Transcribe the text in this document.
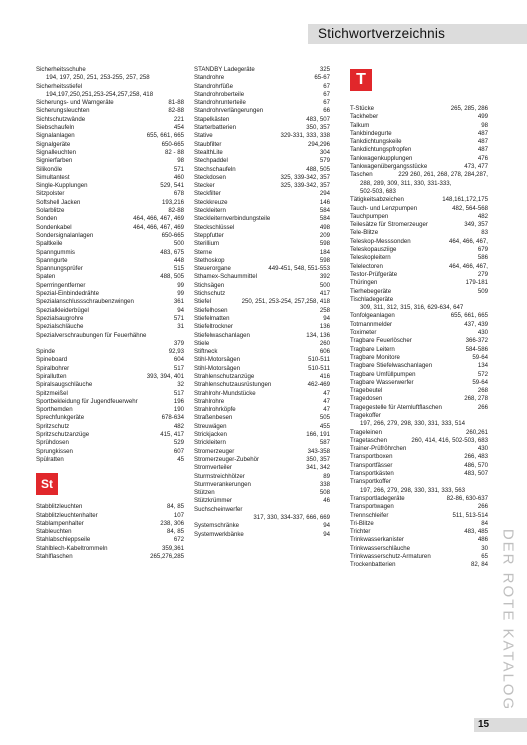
Stichwortverzeichnis
Sicherheitsschuhe
194, 197, 250, 251, 253-255, 257, 258
Sicherheitsstiefel
194,197,250,251,253-254,257,258, 418
Sicherungs- und Warngeräte	81-88
Sicherungsleuchten	82-88
Sichtschutzwände	221
Siebschaufeln	454
Signalanlagen	655, 661, 665
Signalgeräte	650-665
Signalleuchten	82 - 88
Signierfarben	98
Silikonöle	571
Simultantest	460
Single-Kupplungen	529, 541
Sitzpolster	678
Softshell Jacken	193,216
Solarblitze	82-88
Sonden	464, 466, 467, 469
Sondenkabel	464, 466, 467, 469
Sondersignalanlagen	650-665
Spaltkeile	500
Spanngummis	483, 675
Spanngurte	448
Spannungsprüfer	515
Spaten	488, 505
Sperrringentferner	99
Spezial-Einbindedrähte	99
Spezialanschlussschraubenzwingen	361
Spezialkleiderbügel	94
Spezialsaugrohre	571
Spezialschläuche	31
Spezialverschraubungen für Feuerhähne
379
Spinde	92,93
Spineboard	604
Spiralbohrer	517
Spirallutten	393, 394, 401
Spiralsaugschläuche	32
Spitzmeißel	517
Sportbekleidung für Jugendfeuerwehr	196
Sporthemden	190
Sprechfunkgeräte	678-634
Spritzschutz	482
Spritzschutzanzüge	415, 417
Sprühdosen	529
Sprungkissen	607
Spülratten	45
St
Stabblitzleuchten	84, 85
Stabblitzleuchtenhalter	107
Stablampenhalter	238, 306
Stableuchten	84, 85
Stahlabschleppseile	672
Stahlblech-Kabeltrommeln	359,361
Stahlflaschen	265,276,285
STANDBY Ladegeräte	325
Standrohre	65-67
Standrohrfüße	67
Standrohroberteile	67
Standrohrunterteile	67
Standrohrverlängerungen	66
Stapelkästen	483, 507
Starterbatterien	350, 357
Stative	329-331, 333, 338
Staubfilter	294,296
StealthLite	304
Stechpaddel	579
Stechschaufeln	488, 505
Steckdosen	325, 339-342, 357
Stecker	325, 339-342, 357
Steckfilter	294
Steckkreuze	146
Steckleitern	584
Steckleiternverbindungsteile	584
Steckschlüssel	498
Steppfutter	209
Sterillium	598
Sterne	184
Stethoskop	598
Steuerorgane	449-451, 548, 551-553
Sthamex-Schaummittel	392
Stichsägen	500
Stichschutz	417
Stiefel	250, 251, 253-254, 257,258, 418
Stiefelhosen	258
Stiefelmatten	94
Stiefeltrockner	136
Stiefelwaschanlagen	134, 136
Stiele	260
Stiftneck	606
Stihl-Motorsägen	510-511
Stihl-Motorsägen	510-511
Strahlenschutzanzüge	416
Strahlenschutzausrüstungen	462-469
Strahlrohr-Mundstücke	47
Strahlrohre	47
Strahlrohrköpfe	47
Straßenbesen	505
Streuwägen	455
Strickjacken	166, 191
Strickleitern	587
Stromerzeuger	343-358
Stromerzeuger-Zubehör	350, 357
Stromverteiler	341, 342
Sturmstreichhölzer	89
Sturmverankerungen	338
Stützen	508
Stützkrümmer	46
Suchscheinwerfer
317, 330, 334-337, 666, 669
Systemschränke	94
Systemwerkbänke	94
T
T-Stücke	265, 285, 286
Tackheber	499
Talkum	98
Tankbindegurte	487
Tankdichtungskeile	487
Tankdichtungspfropfen	487
Tankwagenkupplungen	476
Tankwagenübergangsstücke	473, 477
Taschen	229 260, 261, 268, 278, 284,287,
288, 289, 309, 311, 330, 331-333,
502-503, 683
Tätigkeitsabzeichen	148,161,172,175
Tauch- und Lenzpumpen	482, 564-568
Tauchpumpen	482
Teilesätze für Stromerzeuger	349, 357
Tele-Blitze	83
Teleskop-Messsonden	464, 466, 467,
Teleskopausziige	679
Teleskopleitern	586
Telelectoren	464, 466, 467,
Testor-Prüfgeräte	279
Thüringen	179-181
Tierhebegeräte	509
Tischladegeräte
309, 311, 312, 315, 316, 629-634, 647
Tonfolgeanlagen	655, 661, 665
Totmannmelder	437, 439
Toximeter	430
Tragbare Feuerlöscher	366-372
Tragbare Leitern	584-586
Tragbare Monitore	59-64
Tragbare Stiefelwaschanlagen	134
Tragbare Umfüllpumpen	572
Tragbare Wasserwerfer	59-64
Tragebeutel	268
Tragedosen	268, 278
Tragegestelle für Atemluftflaschen	266
Tragekoffer
197, 266, 279, 298, 330, 331, 333, 514
Trageleinen	260,261
Tragetaschen	260, 414, 416, 502-503, 683
Trainer-Prüfröhrchen	430
Transportboxen	266, 483
Transportfässer	486, 570
Transportkästen	483, 507
Transportkoffer
197, 266, 279, 298, 330, 331, 333, 563
Transportladegeräte	82-86, 630-637
Transportwagen	266
Trennschleifer	511, 513-514
Tri-Blitze	84
Trichter	483, 485
Trinkwasserkanister	486
Trinkwasserschläuche	30
Trinkwasserschutz-Armaturen	65
Trockenbatterien	82, 84 DER ROTE KATALOG
15
